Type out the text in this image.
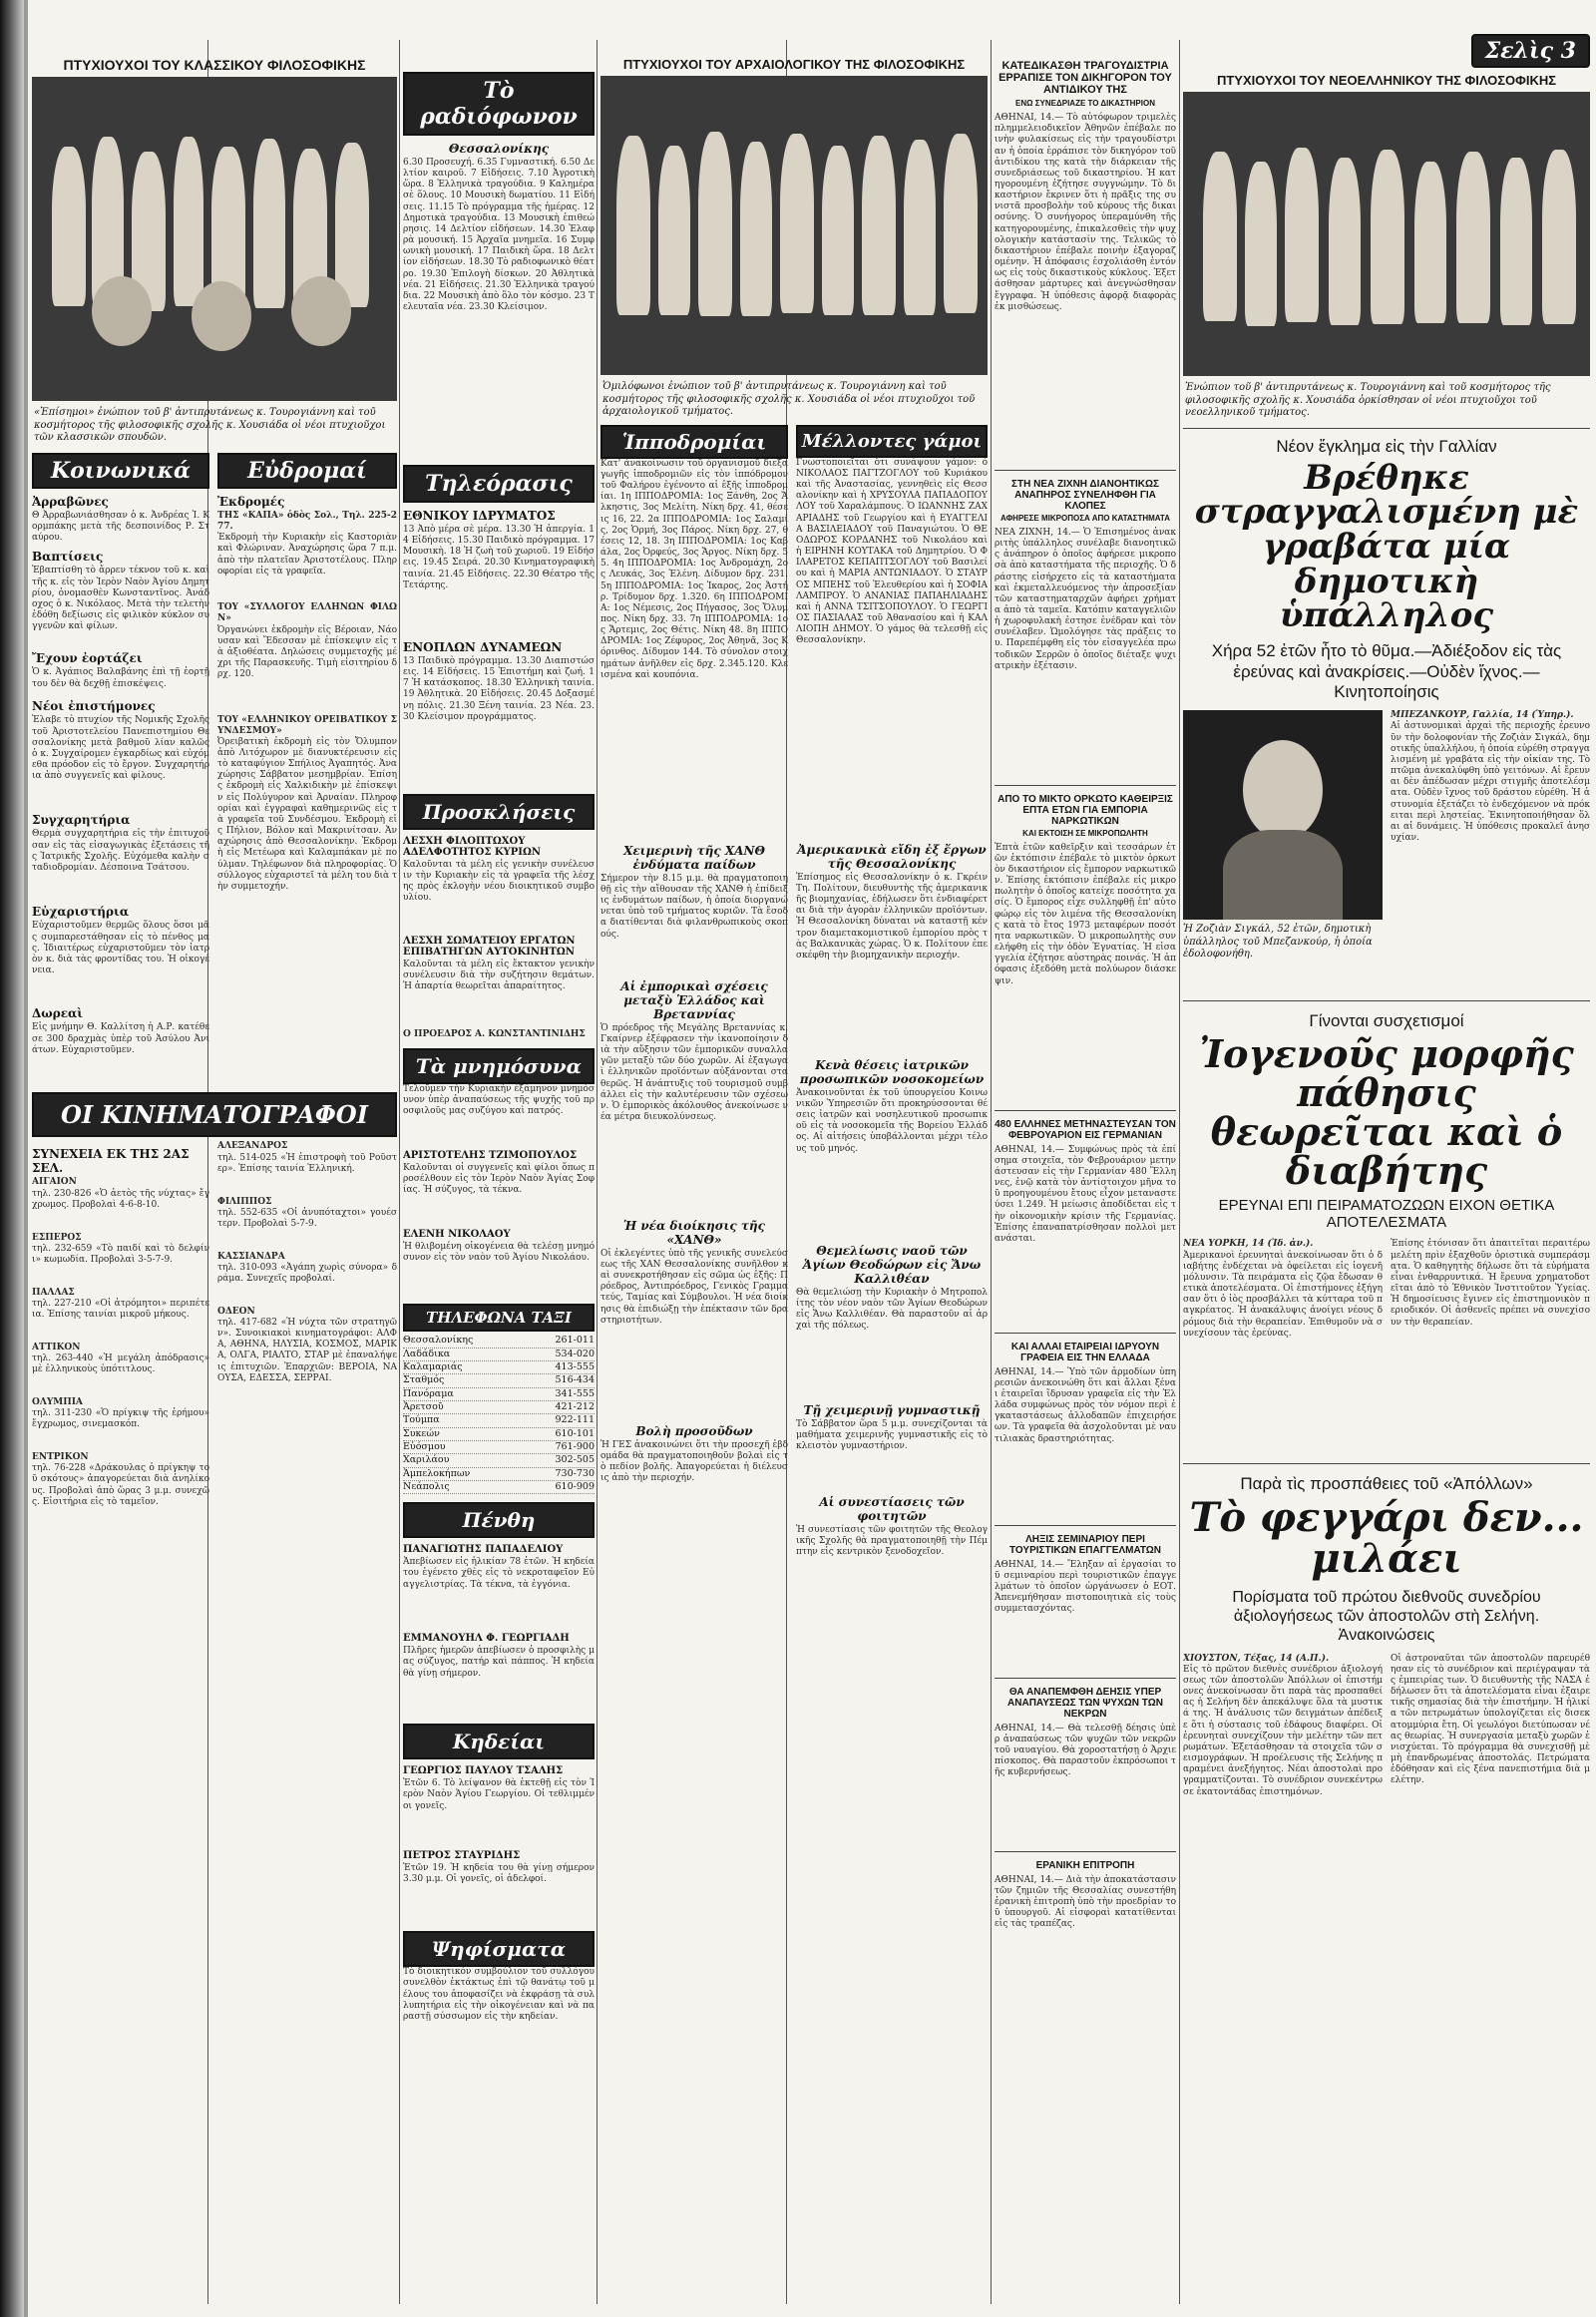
ΠΤΥΧΙΟΥΧΟΙ ΤΟΥ ΚΛΑΣΣΙΚΟΥ ΦΙΛΟΣΟΦΙΚΗΣ
«Ἐπίσημοι» ἐνώπιον τοῦ β' ἀντιπρυτάνεως κ. Τουρογιάννη καὶ τοῦ κοσμήτορος τῆς φιλοσοφικῆς σχολῆς κ. Χουσιάδα οἱ νέοι πτυχιοῦχοι τῶν κλασσικῶν σπουδῶν.
Κοινωνικά
Ἀρραβῶνες
Θ Ἀρραβωνιάσθησαν ὁ κ. Ἀνδρέας Ἰ. Κορμπάκης μετὰ τῆς δεσποινίδος Ρ. Σταύρου.
Βαπτίσεις
Ἐβαπτίσθη τὸ ἄρρεν τέκνον τοῦ κ. καὶ τῆς κ. εἰς τὸν Ἱερὸν Ναὸν Ἁγίου Δημητρίου, ὀνομασθὲν Κωνσταντῖνος. Ἀνάδοχος ὁ κ. Νικόλαος. Μετὰ τὴν τελετὴν ἐδόθη δεξίωσις εἰς φιλικὸν κύκλον συγγενῶν καὶ φίλων.
Ἔχουν ἐορτάζει
Ὁ κ. Ἀγάπιος Βαλαβάνης ἐπὶ τῇ ἐορτῇ του δὲν θὰ δεχθῇ ἐπισκέψεις.
Νέοι ἐπιστήμονες
Ἐλαβε τὸ πτυχίον τῆς Νομικῆς Σχολῆς τοῦ Ἀριστοτελείου Πανεπιστημίου Θεσσαλονίκης μετὰ βαθμοῦ λίαν καλῶς ὁ κ. Συγχαίρομεν ἐγκαρδίως καὶ εὐχόμεθα πρόοδον εἰς τὸ ἔργον. Συγχαρητήρια ἀπὸ συγγενεῖς καὶ φίλους.
Συγχαρητήρια
Θερμὰ συγχαρητήρια εἰς τὴν ἐπιτυχοῦσαν εἰς τὰς εἰσαγωγικὰς ἐξετάσεις τῆς Ἰατρικῆς Σχολῆς. Εὐχόμεθα καλὴν σταδιοδρομίαν. Δέσποινα Τσάτσου.
Εὐχαριστήρια
Εὐχαριστοῦμεν θερμῶς ὅλους ὅσοι μᾶς συμπαρεστάθησαν εἰς τὸ πένθος μας. Ἰδιαιτέρως εὐχαριστοῦμεν τὸν ἰατρὸν κ. διὰ τὰς φροντίδας του. Ἡ οἰκογένεια.
Δωρεαὶ
Εἰς μνήμην Θ. Καλλίτση ἡ Α.Ρ. κατέθεσε 300 δραχμὰς ὑπὲρ τοῦ Ἀσύλου Ἀνιάτων. Εὐχαριστοῦμεν.
Εὐδρομαί
Ἐκδρομές
ΤΗΣ «ΚΑΠΑ» ὁδὸς Σολ., Τηλ. 225-277.
Ἐκδρομὴ τὴν Κυριακὴν εἰς Καστοριὰν καὶ Φλώριναν. Ἀναχώρησις ὥρα 7 π.μ. ἀπὸ τὴν πλατεῖαν Ἀριστοτέλους. Πληροφορίαι εἰς τὰ γραφεῖα.
ΤΟΥ «ΣΥΛΛΟΓΟΥ ΕΛΛΗΝΩΝ ΦΙΛΩΝ»
Ὀργανώνει ἐκδρομὴν εἰς Βέροιαν, Νάουσαν καὶ Ἔδεσσαν μὲ ἐπίσκεψιν εἰς τὰ ἀξιοθέατα. Δηλώσεις συμμετοχῆς μέχρι τῆς Παρασκευῆς. Τιμὴ εἰσιτηρίου δρχ. 120.
ΤΟΥ «ΕΛΛΗΝΙΚΟΥ ΟΡΕΙΒΑΤΙΚΟΥ ΣΥΝΔΕΣΜΟΥ»
Ὀρειβατικὴ ἐκδρομὴ εἰς τὸν Ὄλυμπον ἀπὸ Λιτόχωρον μὲ διανυκτέρευσιν εἰς τὸ καταφύγιον Σπήλιος Ἀγαπητός. Ἀναχώρησις Σάββατον μεσημβρίαν. Ἐπίσης ἐκδρομὴ εἰς Χαλκιδικὴν μὲ ἐπίσκεψιν εἰς Πολύγυρον καὶ Ἀρναίαν. Πληροφορίαι καὶ ἐγγραφαὶ καθημερινῶς εἰς τὰ γραφεῖα τοῦ Συνδέσμου. Ἐκδρομὴ εἰς Πήλιον, Βόλον καὶ Μακρινίτσαν. Ἀναχώρησις ἀπὸ Θεσσαλονίκην. Ἐκδρομὴ εἰς Μετέωρα καὶ Καλαμπάκαν μὲ πούλμαν. Τηλέφωνον διὰ πληροφορίας. Ὁ σύλλογος εὐχαριστεῖ τὰ μέλη του διὰ τὴν συμμετοχήν.
ΟΙ ΚΙΝΗΜΑΤΟΓΡΑΦΟΙ
ΣΥΝΕΧΕΙΑ ΕΚ ΤΗΣ 2ΑΣ ΣΕΛ.
ΑΙΓΑΙΟΝ
τηλ. 230-826 «Ὁ ἀετὸς τῆς νύχτας» ἔγχρωμος. Προβολαὶ 4-6-8-10.
ΕΣΠΕΡΟΣ
τηλ. 232-659 «Τὸ παιδί καὶ τὸ δελφίνι» κωμωδία. Προβολαὶ 3-5-7-9.
ΠΑΛΛΑΣ
τηλ. 227-210 «Οἱ ἀτρόμητοι» περιπέτεια. Ἐπίσης ταινίαι μικροῦ μήκους.
ΑΤΤΙΚΟΝ
τηλ. 263-440 «Ἡ μεγάλη ἀπόδρασις» μὲ ἐλληνικοὺς ὑπότιτλους.
ΟΛΥΜΠΙΑ
τηλ. 311-230 «Ὁ πρίγκιψ τῆς ἐρήμου» ἔγχρωμος, σινεμασκόπ.
ΕΝΤΡΙΚΟΝ
τηλ. 76-228 «Δράκουλας ὁ πρίγκηψ τοῦ σκότους» ἀπαγορεύεται διὰ ἀνηλίκους. Προβολαὶ ἀπὸ ὥρας 3 μ.μ. συνεχῶς. Εἰσιτήρια εἰς τὸ ταμεῖον.
ΑΛΕΞΑΝΔΡΟΣ
τηλ. 514-025 «Ἡ ἐπιστροφὴ τοῦ Ροῦστερ». Ἐπίσης ταινία Ἐλληνική.
ΦΙΛΙΠΠΟΣ
τηλ. 552-635 «Οἱ ἀνυπόταχτοι» γουέστερν. Προβολαὶ 5-7-9.
ΚΑΣΣΙΑΝΔΡΑ
τηλ. 310-093 «Ἀγάπη χωρὶς σύνορα» δράμα. Συνεχεῖς προβολαί.
ΟΔΕΟΝ
τηλ. 417-682 «Ἡ νύχτα τῶν στρατηγῶν». Συνοικιακοὶ κινηματογράφοι: ΑΛΦΑ, ΑΘΗΝΑ, ΗΛΥΣΙΑ, ΚΟΣΜΟΣ, ΜΑΡΙΚΑ, ΟΛΓΑ, ΡΙΑΛΤΟ, ΣΤΑΡ μὲ ἐπαναλήψεις ἐπιτυχιῶν. Ἐπαρχιῶν: ΒΕΡΟΙΑ, ΝΑΟΥΣΑ, ΕΔΕΣΣΑ, ΣΕΡΡΑΙ.
Τὸ ραδιόφωνον
Θεσσαλονίκης
6.30 Προσευχή. 6.35 Γυμναστική. 6.50 Δελτίον καιροῦ. 7 Εἰδήσεις. 7.10 Ἀγροτικὴ ὥρα. 8 Ἑλληνικὰ τραγούδια. 9 Καλημέρα σὲ ὅλους. 10 Μουσικὴ δωματίου. 11 Εἰδήσεις. 11.15 Τὸ πρόγραμμα τῆς ἡμέρας. 12 Δημοτικὰ τραγούδια. 13 Μουσικὴ ἐπιθεώρησις. 14 Δελτίον εἰδήσεων. 14.30 Ἐλαφρὰ μουσική. 15 Ἀρχαῖα μνημεῖα. 16 Συμφωνικὴ μουσική. 17 Παιδικὴ ὥρα. 18 Δελτίον εἰδήσεων. 18.30 Τὸ ραδιοφωνικὸ θέατρο. 19.30 Ἐπιλογὴ δίσκων. 20 Ἀθλητικὰ νέα. 21 Εἰδήσεις. 21.30 Ἐλληνικὰ τραγούδια. 22 Μουσικὴ ἀπὸ ὅλο τὸν κόσμο. 23 Τελευταῖα νέα. 23.30 Κλείσιμον.
Τηλεόρασις
ΕΘΝΙΚΟΥ ΙΔΡΥΜΑΤΟΣ
13 Ἀπὸ μέρα σὲ μέρα. 13.30 Ἡ ἀπεργία. 14 Εἰδήσεις. 15.30 Παιδικὸ πρόγραμμα. 17 Μουσικὴ. 18 Ἡ ζωὴ τοῦ χωριοῦ. 19 Εἰδήσεις. 19.45 Σειρά. 20.30 Κινηματογραφικὴ ταινία. 21.45 Εἰδήσεις. 22.30 Θέατρο τῆς Τετάρτης.
ΕΝΟΠΛΩΝ ΔΥΝΑΜΕΩΝ
13 Παιδικὸ πρόγραμμα. 13.30 Διαπιστώσεις. 14 Εἰδήσεις. 15 Ἐπιστήμη καὶ ζωή. 17 Ἡ κατάσκοπος. 18.30 Ἑλληνικὴ ταινία. 19 Ἀθλητικὰ. 20 Εἰδήσεις. 20.45 Δοξασμένη πόλις. 21.30 Ξένη ταινία. 23 Νέα. 23.30 Κλείσιμον προγράμματος.
Προσκλήσεις
ΛΕΣΧΗ ΦΙΛΟΠΤΩΧΟΥ ΑΔΕΛΦΟΤΗΤΟΣ ΚΥΡΙΩΝ
Καλοῦνται τὰ μέλη εἰς γενικὴν συνέλευσιν τὴν Κυριακὴν εἰς τὰ γραφεῖα τῆς λέσχης πρὸς ἐκλογὴν νέου διοικητικοῦ συμβουλίου.
ΛΕΣΧΗ ΣΩΜΑΤΕΙΟΥ ΕΡΓΑΤΩΝ ΕΠΙΒΑΤΗΓΩΝ ΑΥΤΟΚΙΝΗΤΩΝ
Καλοῦνται τὰ μέλη εἰς ἔκτακτον γενικὴν συνέλευσιν διὰ τὴν συζήτησιν θεμάτων. Ἡ ἀπαρτία θεωρεῖται ἀπαραίτητος.
Ο ΠΡΟΕΔΡΟΣ Α. ΚΩΝΣΤΑΝΤΙΝΙΔΗΣ
Τὰ μνημόσυνα
Τελοῦμεν τὴν Κυριακὴν ἐξάμηνον μνημόσυνον ὑπὲρ ἀναπαύσεως τῆς ψυχῆς τοῦ προσφιλοῦς μας συζύγου καὶ πατρός.
ΑΡΙΣΤΟΤΕΛΗΣ ΤΖΙΜΟΠΟΥΛΟΣ
Καλοῦνται οἱ συγγενεῖς καὶ φίλοι ὅπως προσέλθουν εἰς τὸν Ἱερὸν Ναὸν Ἁγίας Σοφίας. Ἡ σύζυγος, τὰ τέκνα.
ΕΛΕΝΗ ΝΙΚΟΛΑΟΥ
Ἡ θλιβομένη οἰκογένεια θὰ τελέσῃ μνημόσυνον εἰς τὸν ναὸν τοῦ Ἁγίου Νικολάου.
ΤΗΛΕΦΩΝΑ ΤΑΞΙ
Θεσσαλονίκης	261-011
Λαδάδικα	534-020
Καλαμαριάς	413-555
Σταθμός	516-434
Πανόραμα	341-555
Ἀρετσοῦ	421-212
Τούμπα	922-111
Συκεών	610-101
Εὐόσμου	761-900
Χαριλάου	302-505
Ἀμπελοκήπων	730-730
Νεάπολις	610-909
Πένθη
ΠΑΝΑΓΙΩΤΗΣ ΠΑΠΑΔΕΛΙΟΥ
Ἀπεβίωσεν εἰς ἡλικίαν 78 ἐτῶν. Ἡ κηδεία του ἐγένετο χθὲς εἰς τὸ νεκροταφεῖον Εὐαγγελιστρίας. Τὰ τέκνα, τὰ ἐγγόνια.
ΕΜΜΑΝΟΥΗΛ Φ. ΓΕΩΡΓΙΑΔΗ
Πλῆρες ἡμερῶν ἀπεβίωσεν ὁ προσφιλὴς μας σύζυγος, πατήρ καὶ πάππος. Ἡ κηδεία θὰ γίνῃ σήμερον.
Κηδείαι
ΓΕΩΡΓΙΟΣ ΠΑΥΛΟΥ ΤΣΑΛΗΣ
Ἐτῶν 6. Τὸ λείψανον θὰ ἐκτεθῇ εἰς τὸν Ἱερὸν Ναὸν Ἁγίου Γεωργίου. Οἱ τεθλιμμένοι γονεῖς.
ΠΕΤΡΟΣ ΣΤΑΥΡΙΔΗΣ
Ἐτῶν 19. Ἡ κηδεία του θὰ γίνῃ σήμερον 3.30 μ.μ. Οἱ γονεῖς, οἱ ἀδελφοί.
Ψηφίσματα
Τὸ διοικητικὸν συμβούλιον τοῦ συλλόγου συνελθὸν ἐκτάκτως ἐπὶ τῷ θανάτῳ τοῦ μέλους του ἀποφασίζει νὰ ἐκφράσῃ τὰ συλλυπητήρια εἰς τὴν οἰκογένειαν καὶ νὰ παραστῇ σύσσωμον εἰς τὴν κηδείαν.
ΠΤΥΧΙΟΥΧΟΙ ΤΟΥ ΑΡΧΑΙΟΛΟΓΙΚΟΥ ΤΗΣ ΦΙΛΟΣΟΦΙΚΗΣ
Ὁμιλόφωνοι ἐνώπιον τοῦ β' ἀντιπρυτάνεως κ. Τουρογιάννη καὶ τοῦ κοσμήτορος τῆς φιλοσοφικῆς σχολῆς κ. Χουσιάδα οἱ νέοι πτυχιοῦχοι τοῦ ἀρχαιολογικοῦ τμήματος.
Ἱπποδρομίαι
Κατ' ἀνακοίνωσιν τοῦ ὀργανισμοῦ διεξαγωγῆς ἱπποδρομιῶν εἰς τὸν ἱππόδρομον τοῦ Φαλήρου ἐγένοντο αἱ ἑξῆς ἱπποδρομίαι. 1η ΙΠΠΟΔΡΟΜΙΑ: 1ος Ξάνθη, 2ος Ἄλκηστις, 3ος Μελίτη. Νίκη δρχ. 41, θέσεις 16, 22. 2α ΙΠΠΟΔΡΟΜΙΑ: 1ος Σαλαμίς, 2ος Ὁρμή, 3ος Πάρος. Νίκη δρχ. 27, θέσεις 12, 18. 3η ΙΠΠΟΔΡΟΜΙΑ: 1ος Καβάλα, 2ος Ὀρφεύς, 3ος Ἄργος. Νίκη δρχ. 55. 4η ΙΠΠΟΔΡΟΜΙΑ: 1ος Ἀνδρομάχη, 2ος Λευκάς, 3ος Ἑλένη. Δίδυμον δρχ. 231. 5η ΙΠΠΟΔΡΟΜΙΑ: 1ος Ἰκαρος, 2ος Ἀστήρ. Τρίδυμον δρχ. 1.320. 6η ΙΠΠΟΔΡΟΜΙΑ: 1ος Νέμεσις, 2ος Πήγασος, 3ος Ὄλυμπος. Νίκη δρχ. 33. 7η ΙΠΠΟΔΡΟΜΙΑ: 1ος Ἄρτεμις, 2ος Θέτις. Νίκη 48. 8η ΙΠΠΟΔΡΟΜΙΑ: 1ος Ζέφυρος, 2ος Ἀθηνᾶ, 3ος Κόρινθος. Δίδυμον 144. Τὸ σύνολον στοιχημάτων ἀνῆλθεν εἰς δρχ. 2.345.120. Κλεισμένα καὶ κουπόνια.
Χειμερινὴ τῆς ΧΑΝΘ ἐνδύματα παίδων
Σήμερον τὴν 8.15 μ.μ. θὰ πραγματοποιηθῇ εἰς τὴν αἴθουσαν τῆς ΧΑΝΘ ἡ ἐπίδειξις ἐνδυμάτων παίδων, ἡ ὁποία διοργανώνεται ὑπὸ τοῦ τμήματος κυριῶν. Τὰ ἔσοδα διατίθενται διὰ φιλανθρωπικοὺς σκοπούς.
Αἱ ἐμπορικαὶ σχέσεις μεταξὺ Ἑλλάδος καὶ Βρεταννίας
Ὁ πρόεδρος τῆς Μεγάλης Βρεταννίας κ. Γκαίρνερ ἐξέφρασεν τὴν ἱκανοποίησιν διὰ τὴν αὔξησιν τῶν ἐμπορικῶν συναλλαγῶν μεταξὺ τῶν δύο χωρῶν. Αἱ ἐξαγωγαὶ ἑλληνικῶν προϊόντων αὐξάνονται σταθερῶς. Ἡ ἀνάπτυξις τοῦ τουρισμοῦ συμβάλλει εἰς τὴν καλυτέρευσιν τῶν σχέσεων. Ὁ ἐμπορικὸς ἀκόλουθος ἀνεκοίνωσε νέα μέτρα διευκολύνσεως.
Ἡ νέα διοίκησις τῆς «ΧΑΝΘ»
Οἱ ἐκλεγέντες ὑπὸ τῆς γενικῆς συνελεύσεως τῆς ΧΑΝ Θεσσαλονίκης συνῆλθον καὶ συνεκροτήθησαν εἰς σῶμα ὡς ἑξῆς: Πρόεδρος, Ἀντιπρόεδρος, Γενικὸς Γραμματεύς, Ταμίας καὶ Σύμβουλοι. Ἡ νέα διοίκησις θὰ ἐπιδιώξῃ τὴν ἐπέκτασιν τῶν δραστηριοτήτων.
Βολὴ προσοῦδων
Ἡ ΓΕΣ ἀνακοινώνει ὅτι τὴν προσεχῆ ἑβδομάδα θὰ πραγματοποιηθοῦν βολαὶ εἰς τὸ πεδίον βολῆς. Ἀπαγορεύεται ἡ διέλευσις ἀπὸ τὴν περιοχήν.
Μέλλοντες γάμοι
Γνωστοποιεῖται ὅτι συνάψουν γάμον: ὁ ΝΙΚΟΛΑΟΣ ΠΑΓΤΖΟΓΛΟΥ τοῦ Κυριάκου καὶ τῆς Ἀναστασίας, γεννηθεὶς εἰς Θεσσαλονίκην καὶ ἡ ΧΡΥΣΟΥΛΑ ΠΑΠΑΔΟΠΟΥΛΟΥ τοῦ Χαραλάμπους. Ὁ ΙΩΑΝΝΗΣ ΖΑΧΑΡΙΑΔΗΣ τοῦ Γεωργίου καὶ ἡ ΕΥΑΓΓΕΛΙΑ ΒΑΣΙΛΕΙΑΔΟΥ τοῦ Παναγιώτου. Ὁ ΘΕΟΔΩΡΟΣ ΚΟΡΔΑΝΗΣ τοῦ Νικολάου καὶ ἡ ΕΙΡΗΝΗ ΚΟΥΤΑΚΑ τοῦ Δημητρίου. Ὁ ΦΙΛΑΡΕΤΟΣ ΚΕΠΑΠΤΣΟΓΛΟΥ τοῦ Βασιλείου καὶ ἡ ΜΑΡΙΑ ΑΝΤΩΝΙΑΔΟΥ. Ὁ ΣΤΑΥΡΟΣ ΜΠΕΗΣ τοῦ Ἐλευθερίου καὶ ἡ ΣΟΦΙΑ ΛΑΜΠΡΟΥ. Ὁ ΑΝΑΝΙΑΣ ΠΑΠΑΗΛΙΑΔΗΣ καὶ ἡ ΑΝΝΑ ΤΣΙΤΣΟΠΟΥΛΟΥ. Ὁ ΓΕΩΡΓΙΟΣ ΠΑΣΙΑΛΑΣ τοῦ Ἀθανασίου καὶ ἡ ΚΑΛΛΙΟΠΗ ΔΗΜΟΥ. Ὁ γάμος θὰ τελεσθῇ εἰς Θεσσαλονίκην.
Ἀμερικανικὰ εἴδη ἐξ ἔργων τῆς Θεσσαλονίκης
Ἐπίσημος εἰς Θεσσαλονίκην ὁ κ. Γκρέιν Τη. Πολίτουν, διευθυντὴς τῆς ἀμερικανικῆς βιομηχανίας, ἐδήλωσεν ὅτι ἐνδιαφέρεται διὰ τὴν ἀγορὰν ἑλληνικῶν προϊόντων. Ἡ Θεσσαλονίκη δύναται νὰ καταστῇ κέντρον διαμετακομιστικοῦ ἐμπορίου πρὸς τὰς Βαλκανικὰς χώρας. Ὁ κ. Πολίτουν ἐπεσκέφθη τὴν βιομηχανικὴν περιοχήν.
Κενὰ θέσεις ἰατρικῶν προσωπικῶν νοσοκομείων
Ἀνακοινοῦνται ἐκ τοῦ ὑπουργείου Κοινωνικῶν Ὑπηρεσιῶν ὅτι προκηρύσσονται θέσεις ἰατρῶν καὶ νοσηλευτικοῦ προσωπικοῦ εἰς τὰ νοσοκομεῖα τῆς Βορείου Ἑλλάδος. Αἱ αἰτήσεις ὑποβάλλονται μέχρι τέλους τοῦ μηνός.
Θεμελίωσις ναοῦ τῶν Ἁγίων Θεοδώρων εἰς Ἄνω Καλλιθέαν
Θὰ θεμελιώσῃ τὴν Κυριακὴν ὁ Μητροπολίτης τὸν νέον ναὸν τῶν Ἁγίων Θεοδώρων εἰς Ἄνω Καλλιθέαν. Θὰ παραστοῦν αἱ ἀρχαὶ τῆς πόλεως.
Τῇ χειμερινῇ γυμναστικῇ
Τὸ Σάββατον ὥρα 5 μ.μ. συνεχίζονται τὰ μαθήματα χειμερινῆς γυμναστικῆς εἰς τὸ κλειστὸν γυμναστήριον.
Αἱ συνεστίασεις τῶν φοιτητῶν
Ἡ συνεστίασις τῶν φοιτητῶν τῆς Θεολογικῆς Σχολῆς θὰ πραγματοποιηθῇ τὴν Πέμπτην εἰς κεντρικὸν ξενοδοχεῖον.
ΚΑΤΕΔΙΚΑΣΘΗ ΤΡΑΓΟΥΔΙΣΤΡΙΑ ΕΡΡΑΠΙΣΕ ΤΟΝ ΔΙΚΗΓΟΡΟΝ ΤΟΥ ΑΝΤΙΔΙΚΟΥ ΤΗΣ
ΕΝΩ ΣΥΝΕΔΡΙΑΖΕ ΤΟ ΔΙΚΑΣΤΗΡΙΟΝ
ΑΘΗΝΑΙ, 14.— Τὸ αὐτόφωρον τριμελὲς πλημμελειοδικεῖον Ἀθηνῶν ἐπέβαλε ποινὴν φυλακίσεως εἰς τὴν τραγουδίστριαν ἡ ὁποία ἐρράπισε τὸν δικηγόρον τοῦ ἀντιδίκου της κατὰ τὴν διάρκειαν τῆς συνεδριάσεως τοῦ δικαστηρίου. Ἡ κατηγορουμένη ἐζήτησε συγγνώμην. Τὸ δικαστήριον ἔκρινεν ὅτι ἡ πρᾶξις της συνιστᾶ προσβολὴν τοῦ κύρους τῆς δικαιοσύνης. Ὁ συνήγορος ὑπεραμύνθη τῆς κατηγορουμένης, ἐπικαλεσθεὶς τὴν ψυχολογικὴν κατάστασίν της. Τελικῶς τὸ δικαστήριον ἐπέβαλε ποινὴν ἐξαγοραζομένην. Ἡ ἀπόφασις ἐσχολιάσθη ἐντόνως εἰς τοὺς δικαστικοὺς κύκλους. Ἐξετάσθησαν μάρτυρες καὶ ἀνεγνώσθησαν ἔγγραφα. Ἡ ὑπόθεσις ἀφορᾷ διαφορὰς ἐκ μισθώσεως.
ΣΤΗ ΝΕΑ ΖΙΧΝΗ ΔΙΑΝΟΗΤΙΚΩΣ ΑΝΑΠΗΡΟΣ ΣΥΝΕΛΗΦΘΗ ΓΙΑ ΚΛΟΠΕΣ
ΑΦΗΡΕΣΕ ΜΙΚΡΟΠΟΣΑ ΑΠΟ ΚΑΤΑΣΤΗΜΑΤΑ
ΝΕΑ ΖΙΧΝΗ, 14.— Ὁ Ἐπισημένος ἀνακριτὴς ὑπάλληλος συνέλαβε διανοητικῶς ἀνάπηρον ὁ ὁποῖος ἀφήρεσε μικροποσὰ ἀπὸ καταστήματα τῆς περιοχῆς. Ὁ δράστης εἰσήρχετο εἰς τὰ καταστήματα καὶ ἐκμεταλλευόμενος τὴν ἀπροσεξίαν τῶν καταστηματαρχῶν ἀφήρει χρήματα ἀπὸ τὰ ταμεῖα. Κατόπιν καταγγελιῶν ἡ χωροφυλακὴ ἐστησε ἐνέδραν καὶ τὸν συνέλαβεν. Ὡμολόγησε τὰς πράξεις του. Παρεπέμφθη εἰς τὸν εἰσαγγελέα πρωτοδικῶν Σερρῶν ὁ ὁποῖος διέταξε ψυχιατρικὴν ἐξέτασιν.
ΑΠΟ ΤΟ ΜΙΚΤΟ ΟΡΚΩΤΟ ΚΑΘΕΙΡΞΙΣ ΕΠΤΑ ΕΤΩΝ ΓΙΑ ΕΜΠΟΡΙΑ ΝΑΡΚΩΤΙΚΩΝ
ΚΑΙ ΕΚΤΟΙΣΗ ΣΕ ΜΙΚΡΟΠΩΛΗΤΗ
Ἑπτὰ ἐτῶν καθεῖρξιν καὶ τεσσάρων ἐτῶν ἐκτόπισιν ἐπέβαλε τὸ μικτὸν ὁρκωτὸν δικαστήριον εἰς ἔμπορον ναρκωτικῶν. Ἐπίσης ἐκτόπισιν ἐπέβαλε εἰς μικροπωλητὴν ὁ ὁποῖος κατείχε ποσότητα χασίς. Ὁ ἔμπορος εἶχε συλληφθῇ ἐπ' αὐτοφώρῳ εἰς τὸν λιμένα τῆς Θεσσαλονίκης κατὰ τὸ ἔτος 1973 μεταφέρων ποσότητα ναρκωτικῶν. Ὁ μικροπωλητὴς συνελήφθη εἰς τὴν ὁδὸν Ἐγνατίας. Ἡ εἰσαγγελία ἐζήτησε αὐστηρὰς ποινάς. Ἡ ἀπόφασις ἐξεδόθη μετὰ πολύωρον διάσκεψιν.
480 ΕΛΛΗΝΕΣ ΜΕΤΗΝΑΣΤΕΥΣΑΝ ΤΟΝ ΦΕΒΡΟΥΑΡΙΟΝ ΕΙΣ ΓΕΡΜΑΝΙΑΝ
ΑΘΗΝΑΙ, 14.— Συμφώνως πρὸς τὰ ἐπίσημα στοιχεῖα, τὸν Φεβρουάριον μετηνάστευσαν εἰς τὴν Γερμανίαν 480 Ἕλληνες, ἐνῷ κατὰ τὸν ἀντίστοιχον μῆνα τοῦ προηγουμένου ἔτους εἶχον μεταναστεύσει 1.249. Ἡ μείωσις ἀποδίδεται εἰς τὴν οἰκονομικὴν κρίσιν τῆς Γερμανίας. Ἐπίσης ἐπαναπατρίσθησαν πολλοὶ μετανάσται.
ΚΑΙ ΑΛΛΑΙ ΕΤΑΙΡΕΙΑΙ ΙΔΡΥΟΥΝ ΓΡΑΦΕΙΑ ΕΙΣ ΤΗΝ ΕΛΛΑΔΑ
ΑΘΗΝΑΙ, 14.— Ὑπὸ τῶν ἀρμοδίων ὑπηρεσιῶν ἀνεκοινώθη ὅτι καὶ ἄλλαι ξέναι ἑταιρεῖαι ἵδρυσαν γραφεῖα εἰς τὴν Ἑλλάδα συμφώνως πρὸς τὸν νόμον περὶ ἐγκαταστάσεως ἀλλοδαπῶν ἐπιχειρήσεων. Τὰ γραφεῖα θὰ ἀσχολοῦνται μὲ ναυτιλιακὰς δραστηριότητας.
ΛΗΞΙΣ ΣΕΜΙΝΑΡΙΟΥ ΠΕΡΙ ΤΟΥΡΙΣΤΙΚΩΝ ΕΠΑΓΓΕΛΜΑΤΩΝ
ΑΘΗΝΑΙ, 14.— Ἔληξαν αἱ ἐργασίαι τοῦ σεμιναρίου περὶ τουριστικῶν ἐπαγγελμάτων τὸ ὁποῖον ὠργάνωσεν ὁ ΕΟΤ. Ἀπενεμήθησαν πιστοποιητικὰ εἰς τοὺς συμμετασχόντας.
ΘΑ ΑΝΑΠΕΜΦΘΗ ΔΕΗΣΙΣ ΥΠΕΡ ΑΝΑΠΑΥΣΕΩΣ ΤΩΝ ΨΥΧΩΝ ΤΩΝ ΝΕΚΡΩΝ
ΑΘΗΝΑΙ, 14.— Θὰ τελεσθῇ δέησις ὑπὲρ ἀναπαύσεως τῶν ψυχῶν τῶν νεκρῶν τοῦ ναυαγίου. Θὰ χοροστατήσῃ ὁ Ἀρχιεπίσκοπος. Θὰ παραστοῦν ἐκπρόσωποι τῆς κυβερνήσεως.
ΕΡΑΝΙΚΗ ΕΠΙΤΡΟΠΗ
ΑΘΗΝΑΙ, 14.— Διὰ τὴν ἀποκατάστασιν τῶν ζημιῶν τῆς Θεσσαλίας συνεστήθη ἐρανικὴ ἐπιτροπὴ ὑπὸ τὴν προεδρίαν τοῦ ὑπουργοῦ. Αἱ εἰσφοραὶ κατατίθενται εἰς τὰς τραπέζας.
Σελὶς 3
ΠΤΥΧΙΟΥΧΟΙ ΤΟΥ ΝΕΟΕΛΛΗΝΙΚΟΥ ΤΗΣ ΦΙΛΟΣΟΦΙΚΗΣ
Ἐνώπιον τοῦ β' ἀντιπρυτάνεως κ. Τουρογιάννη καὶ τοῦ κοσμήτορος τῆς φιλοσοφικῆς σχολῆς κ. Χουσιάδα ὁρκίσθησαν οἱ νέοι πτυχιοῦχοι τοῦ νεοελληνικοῦ τμήματος.
Νέον ἔγκλημα εἰς τὴν Γαλλίαν
Βρέθηκε στραγγαλισμένη μὲ γραβάτα μία δημοτικὴ ὑπάλληλος
Χήρα 52 ἐτῶν ἦτο τὸ θῦμα.—Ἀδιέξοδον εἰς τὰς ἐρεύνας καὶ ἀνακρίσεις.—Οὐδὲν ἴχνος.—Κινητοποίησις
Ἡ Ζοζιὰν Σιγκάλ, 52 ἐτῶν, δημοτικὴ ὑπάλληλος τοῦ Μπεζανκούρ, ἡ ὁποία ἐδολοφονήθη.
ΜΠΕΖΑΝΚΟΥΡ, Γαλλία, 14 (Ὑπηρ.).
Αἱ ἀστυνομικαὶ ἀρχαὶ τῆς περιοχῆς ἐρευνοῦν τὴν δολοφονίαν τῆς Ζοζιὰν Σιγκάλ, δημοτικῆς ὑπαλλήλου, ἡ ὁποία εὑρέθη στραγγαλισμένη μὲ γραβάτα εἰς τὴν οἰκίαν της. Τὸ πτῶμα ἀνεκαλύφθη ὑπὸ γειτόνων. Αἱ ἔρευναι δὲν ἀπέδωσαν μέχρι στιγμῆς ἀποτελέσματα. Οὐδὲν ἴχνος τοῦ δράστου εὑρέθη. Ἡ ἀστυνομία ἐξετάζει τὸ ἐνδεχόμενον νὰ πρόκειται περὶ ληστείας. Ἐκινητοποιήθησαν ὅλαι αἱ δυνάμεις. Ἡ ὑπόθεσις προκαλεῖ ἀνησυχίαν.
Γίνονται συσχετισμοί
Ἰογενοῦς μορφῆς πάθησις θεωρεῖται καὶ ὁ διαβήτης
ΕΡΕΥΝΑΙ ΕΠΙ ΠΕΙΡΑΜΑΤΟΖΩΩΝ ΕΙΧΟΝ ΘΕΤΙΚΑ ΑΠΟΤΕΛΕΣΜΑΤΑ
ΝΕΑ ΥΟΡΚΗ, 14 (Ἰδ. ἀν.).
Ἀμερικανοὶ ἐρευνηταὶ ἀνεκοίνωσαν ὅτι ὁ διαβήτης ἐνδέχεται νὰ ὀφείλεται εἰς ἰογενῆ μόλυνσιν. Τὰ πειράματα εἰς ζῷα ἔδωσαν θετικὰ ἀποτελέσματα. Οἱ ἐπιστήμονες ἐξήγησαν ὅτι ὁ ἰὸς προσβάλλει τὰ κύτταρα τοῦ παγκρέατος. Ἡ ἀνακάλυψις ἀνοίγει νέους δρόμους διὰ τὴν θεραπείαν. Ἐπιθυμοῦν νὰ συνεχίσουν τὰς ἐρεύνας.
Ἐπίσης ἐτόνισαν ὅτι ἀπαιτεῖται περαιτέρω μελέτη πρὶν ἐξαχθοῦν ὁριστικὰ συμπεράσματα. Ὁ καθηγητὴς δήλωσε ὅτι τὰ εὑρήματα εἶναι ἐνθαρρυντικά. Ἡ ἔρευνα χρηματοδοτεῖται ἀπὸ τὸ Ἐθνικὸν Ἰνστιτοῦτον Ὑγείας. Ἡ δημοσίευσις ἔγινεν εἰς ἐπιστημονικὸν περιοδικόν. Οἱ ἀσθενεῖς πρέπει νὰ συνεχίσουν τὴν θεραπείαν.
Παρὰ τὶς προσπάθειες τοῦ «Ἀπόλλων»
Τὸ φεγγάρι δεν... μιλάει
Πορίσματα τοῦ πρώτου διεθνοῦς συνεδρίου ἀξιολογήσεως τῶν ἀποστολῶν στὴ Σελήνη. Ἀνακοινώσεις
ΧΙΟΥΣΤΟΝ, Τέξας, 14 (Α.Π.).
Εἰς τὸ πρῶτον διεθνὲς συνέδριον ἀξιολογήσεως τῶν ἀποστολῶν Ἀπόλλων οἱ ἐπιστήμονες ἀνεκοίνωσαν ὅτι παρὰ τὰς προσπαθείας ἡ Σελήνη δὲν ἀπεκάλυψε ὅλα τὰ μυστικά της. Ἡ ἀνάλυσις τῶν δειγμάτων ἀπέδειξε ὅτι ἡ σύστασις τοῦ ἐδάφους διαφέρει. Οἱ ἐρευνηταὶ συνεχίζουν τὴν μελέτην τῶν πετρωμάτων. Ἐξετάσθησαν τὰ στοιχεῖα τῶν σεισμογράφων. Ἡ προέλευσις τῆς Σελήνης παραμένει ἀνεξήγητος. Νέαι ἀποστολαὶ προγραμματίζονται. Τὸ συνέδριον συνεκέντρωσε ἑκατοντάδας ἐπιστημόνων.
Οἱ ἀστροναῦται τῶν ἀποστολῶν παρευρέθησαν εἰς τὸ συνέδριον καὶ περιέγραψαν τὰς ἐμπειρίας των. Ὁ διευθυντὴς τῆς ΝΑΣΑ ἐδήλωσεν ὅτι τὰ ἀποτελέσματα εἶναι ἐξαιρετικῆς σημασίας διὰ τὴν ἐπιστήμην. Ἡ ἡλικία τῶν πετρωμάτων ὑπολογίζεται εἰς δισεκατομμύρια ἔτη. Οἱ γεωλόγοι διετύπωσαν νέας θεωρίας. Ἡ συνεργασία μεταξὺ χωρῶν ἐνισχύεται. Τὸ πρόγραμμα θὰ συνεχισθῇ μὲ μὴ ἐπανδρωμένας ἀποστολάς. Πετρώματα ἐδόθησαν καὶ εἰς ξένα πανεπιστήμια διὰ μελέτην.
